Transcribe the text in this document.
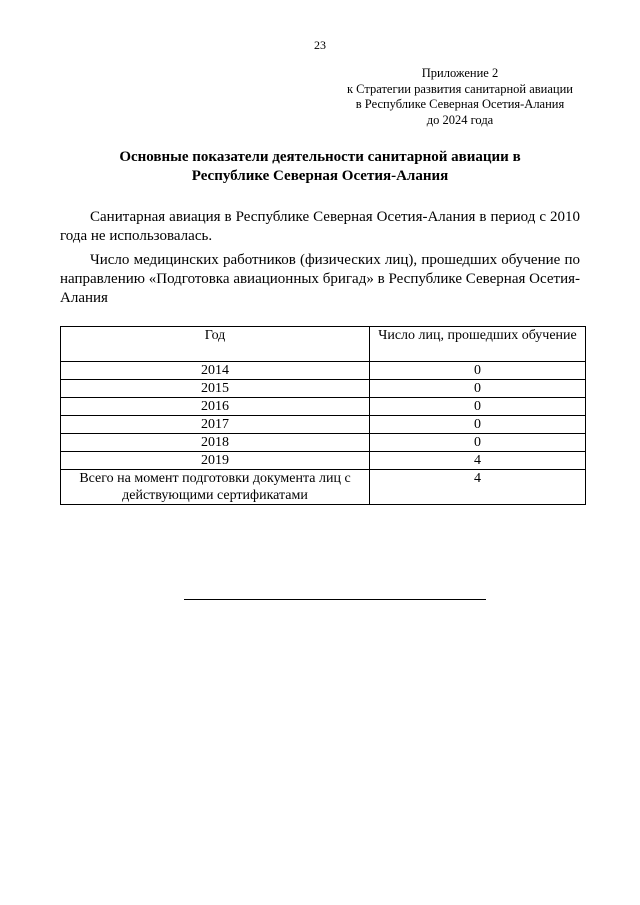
23
Приложение 2
к Стратегии развития санитарной авиации
в Республике Северная Осетия-Алания
до 2024 года
Основные показатели деятельности санитарной авиации в
Республике Северная Осетия-Алания
Санитарная авиация в Республике Северная Осетия-Алания в период с 2010 года не использовалась.
Число медицинских работников (физических лиц), прошедших обучение по направлению «Подготовка авиационных бригад» в Республике Северная Осетия-Алания
Год	Число лиц, прошедших обучение
2014	0
2015	0
2016	0
2017	0
2018	0
2019	4
Всего на момент подготовки документа лиц с действующими сертификатами	4
